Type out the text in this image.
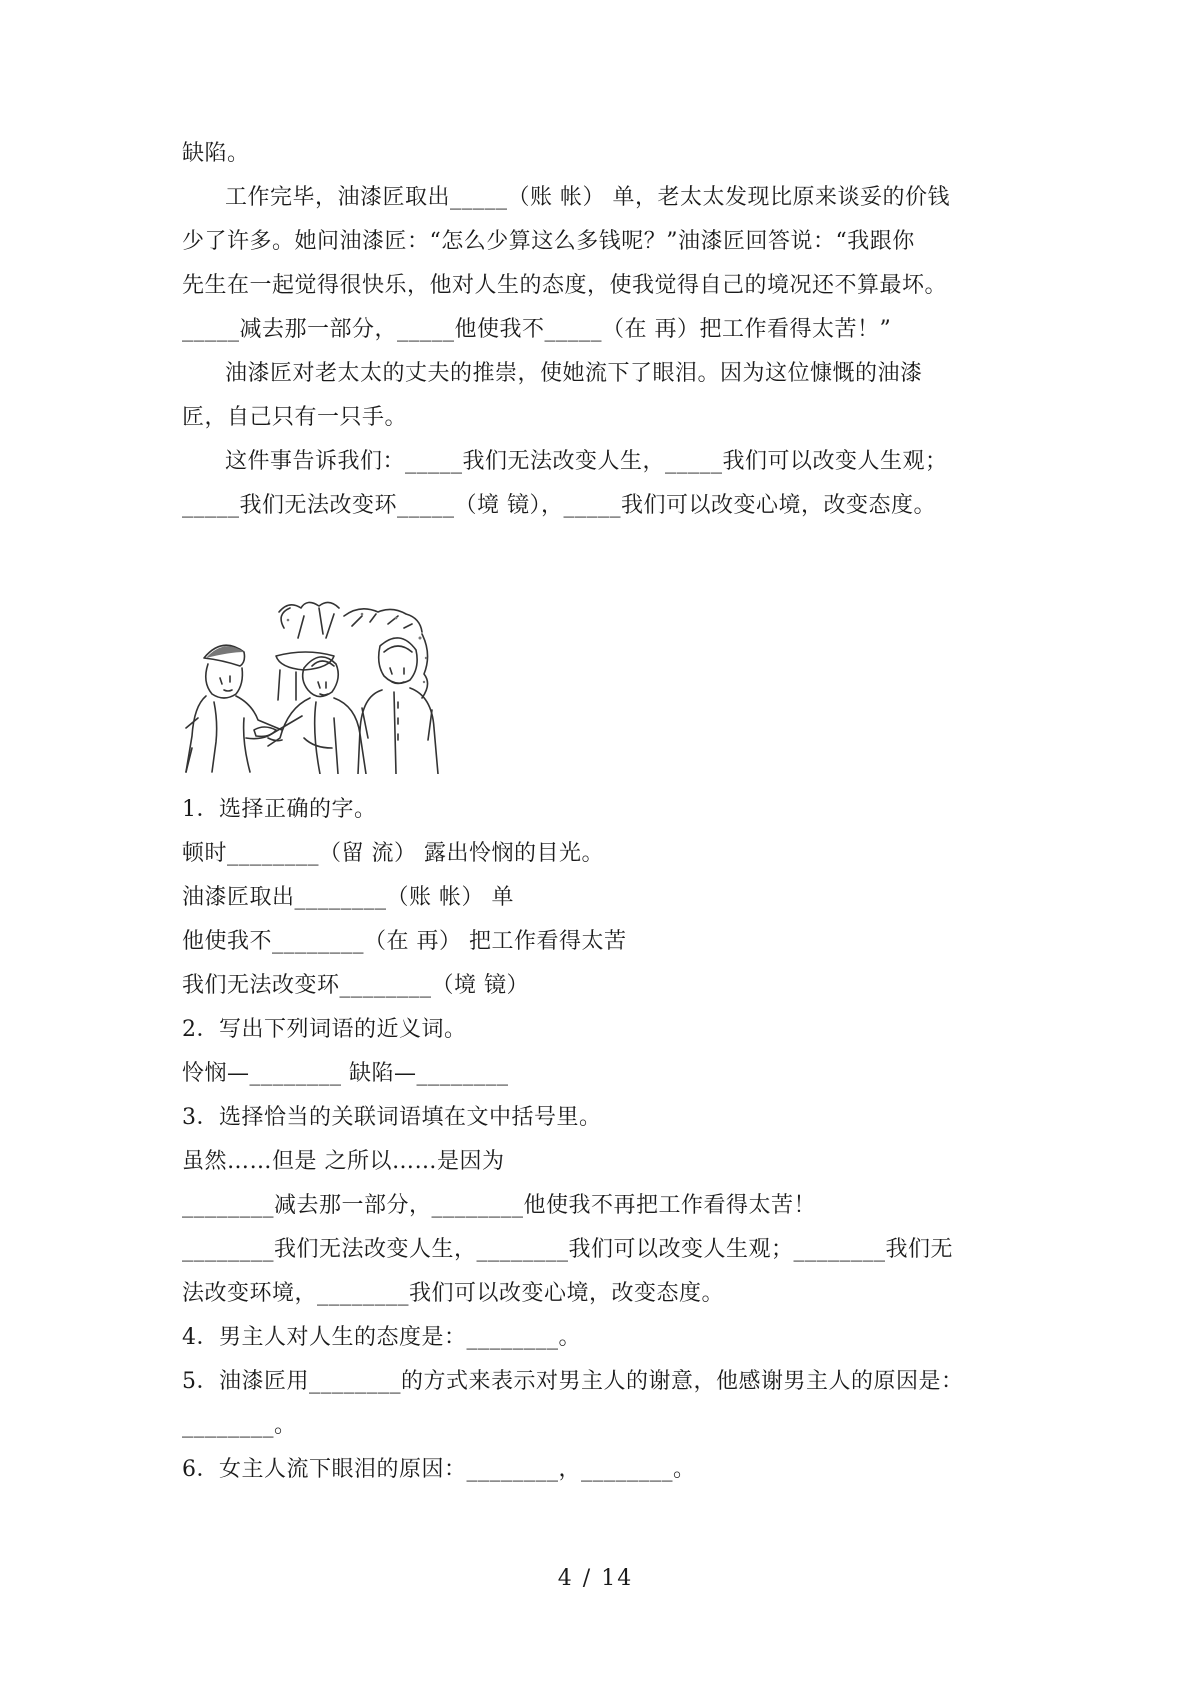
缺陷。
工作完毕，油漆匠取出_____（账 帐） 单，老太太发现比原来谈妥的价钱
少了许多。她问油漆匠：“怎么少算这么多钱呢？”油漆匠回答说：“我跟你
先生在一起觉得很快乐，他对人生的态度，使我觉得自己的境况还不算最坏。
_____减去那一部分，_____他使我不_____（在 再）把工作看得太苦！”
油漆匠对老太太的丈夫的推崇，使她流下了眼泪。因为这位慷慨的油漆
匠，自己只有一只手。
这件事告诉我们：_____我们无法改变人生，_____我们可以改变人生观；
_____我们无法改变环_____（境 镜），_____我们可以改变心境，改变态度。
1．选择正确的字。
顿时________（留 流） 露出怜悯的目光。
油漆匠取出________（账 帐） 单
他使我不________（在 再） 把工作看得太苦
我们无法改变环________（境 镜）
2．写出下列词语的近义词。
怜悯—________ 缺陷—________
3．选择恰当的关联词语填在文中括号里。
虽然……但是 之所以……是因为
________减去那一部分，________他使我不再把工作看得太苦！
________我们无法改变人生，________我们可以改变人生观；________我们无
法改变环境，________我们可以改变心境，改变态度。
4．男主人对人生的态度是：________。
5．油漆匠用________的方式来表示对男主人的谢意，他感谢男主人的原因是：
________。
6．女主人流下眼泪的原因：________，________。
4 / 14
